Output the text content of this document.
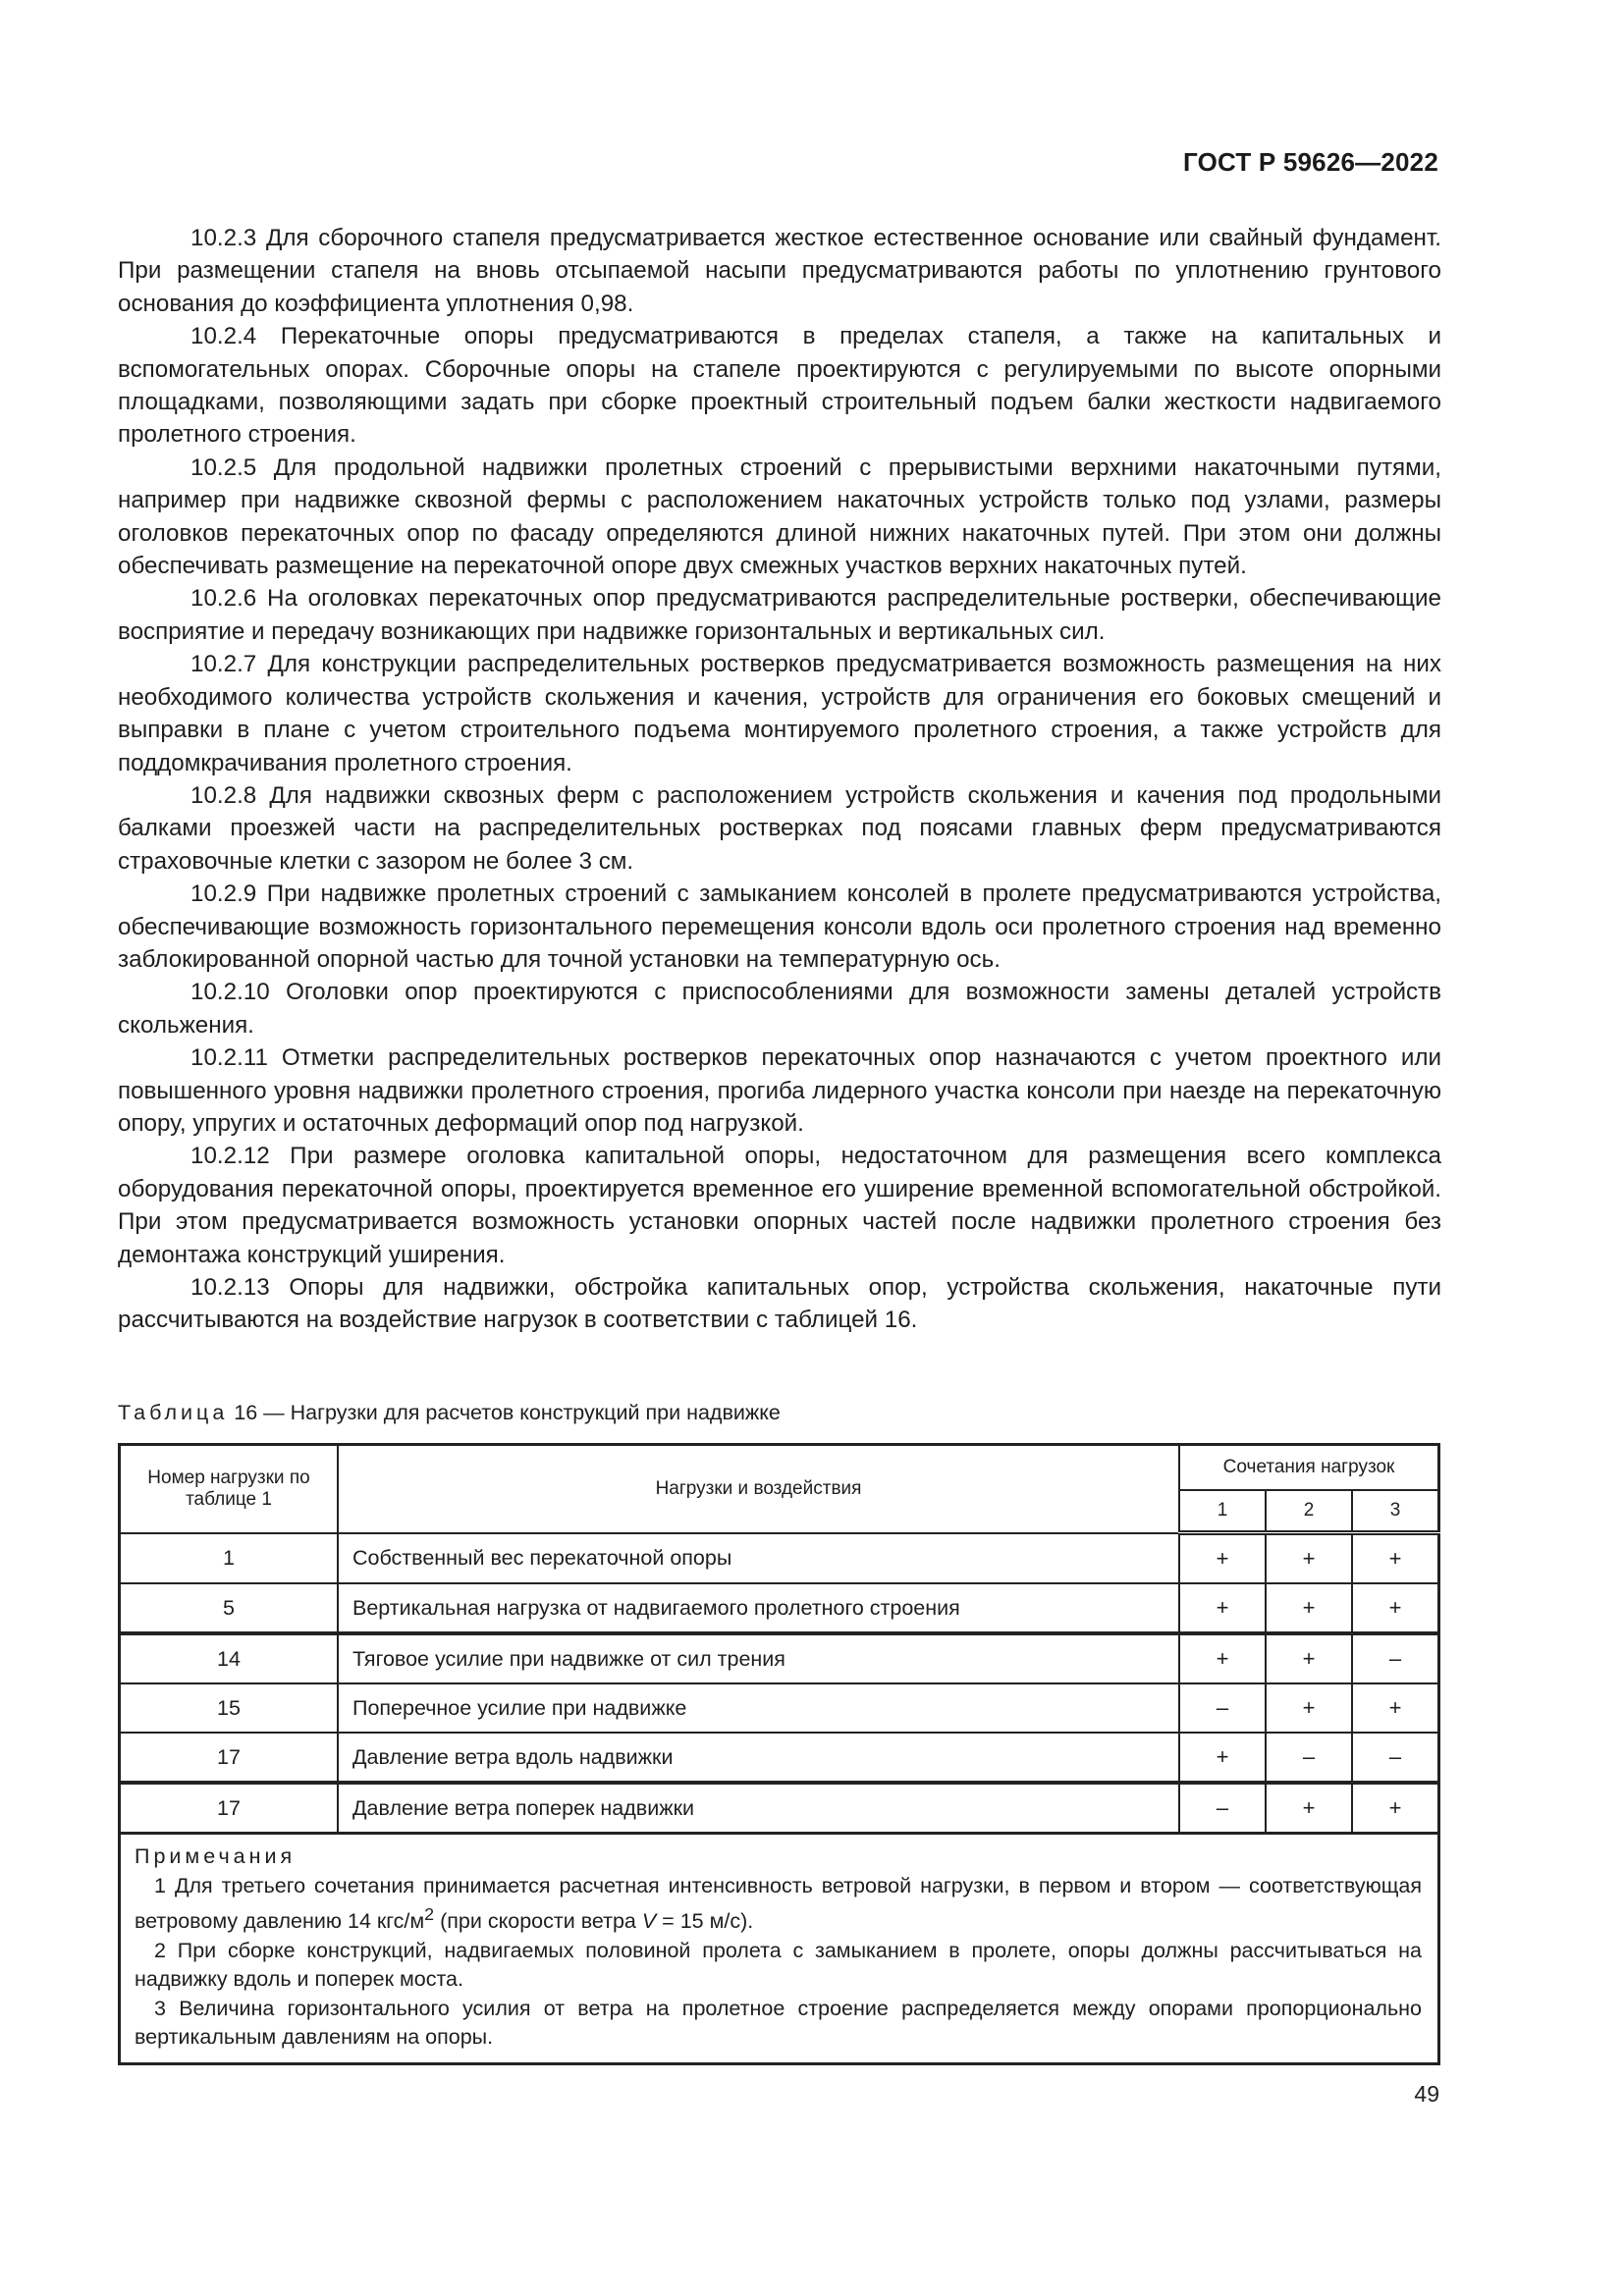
ГОСТ Р 59626—2022

10.2.3 Для сборочного стапеля предусматривается жесткое естественное основание или свайный фундамент. При размещении стапеля на вновь отсыпаемой насыпи предусматриваются работы по уплотнению грунтового основания до коэффициента уплотнения 0,98.

10.2.4 Перекаточные опоры предусматриваются в пределах стапеля, а также на капитальных и вспомогательных опорах. Сборочные опоры на стапеле проектируются с регулируемыми по высоте опорными площадками, позволяющими задать при сборке проектный строительный подъем балки жесткости надвигаемого пролетного строения.

10.2.5 Для продольной надвижки пролетных строений с прерывистыми верхними накаточными путями, например при надвижке сквозной фермы с расположением накаточных устройств только под узлами, размеры оголовков перекаточных опор по фасаду определяются длиной нижних накаточных путей. При этом они должны обеспечивать размещение на перекаточной опоре двух смежных участков верхних накаточных путей.

10.2.6 На оголовках перекаточных опор предусматриваются распределительные ростверки, обеспечивающие восприятие и передачу возникающих при надвижке горизонтальных и вертикальных сил.

10.2.7 Для конструкции распределительных ростверков предусматривается возможность размещения на них необходимого количества устройств скольжения и качения, устройств для ограничения его боковых смещений и выправки в плане с учетом строительного подъема монтируемого пролетного строения, а также устройств для поддомкрачивания пролетного строения.

10.2.8 Для надвижки сквозных ферм с расположением устройств скольжения и качения под продольными балками проезжей части на распределительных ростверках под поясами главных ферм предусматриваются страховочные клетки с зазором не более 3 см.

10.2.9 При надвижке пролетных строений с замыканием консолей в пролете предусматриваются устройства, обеспечивающие возможность горизонтального перемещения консоли вдоль оси пролетного строения над временно заблокированной опорной частью для точной установки на температурную ось.

10.2.10 Оголовки опор проектируются с приспособлениями для возможности замены деталей устройств скольжения.

10.2.11 Отметки распределительных ростверков перекаточных опор назначаются с учетом проектного или повышенного уровня надвижки пролетного строения, прогиба лидерного участка консоли при наезде на перекаточную опору, упругих и остаточных деформаций опор под нагрузкой.

10.2.12 При размере оголовка капитальной опоры, недостаточном для размещения всего комплекса оборудования перекаточной опоры, проектируется временное его уширение временной вспомогательной обстройкой. При этом предусматривается возможность установки опорных частей после надвижки пролетного строения без демонтажа конструкций уширения.

10.2.13 Опоры для надвижки, обстройка капитальных опор, устройства скольжения, накаточные пути рассчитываются на воздействие нагрузок в соответствии с таблицей 16.

Таблица 16 — Нагрузки для расчетов конструкций при надвижке
Номер нагрузки по таблице 1	Нагрузки и воздействия	Сочетания нагрузок		
		1	2	3
1	Собственный вес перекаточной опоры	+	+	+
5	Вертикальная нагрузка от надвигаемого пролетного строения	+	+	+
14	Тяговое усилие при надвижке от сил трения	+	+	–
15	Поперечное усилие при надвижке	–	+	+
17	Давление ветра вдоль надвижки	+	–	–
17	Давление ветра поперек надвижки	–	+	+

Примечания

1 Для третьего сочетания принимается расчетная интенсивность ветровой нагрузки, в первом и втором — соответствующая ветровому давлению 14 кгс/$м^2$ (при скорости ветра V = 15 м/с).

2 При сборке конструкций, надвигаемых половиной пролета с замыканием в пролете, опоры должны рассчитываться на надвижку вдоль и поперек моста.

3 Величина горизонтального усилия от ветра на пролетное строение распределяется между опорами пропорционально вертикальным давлениям на опоры.				

49
